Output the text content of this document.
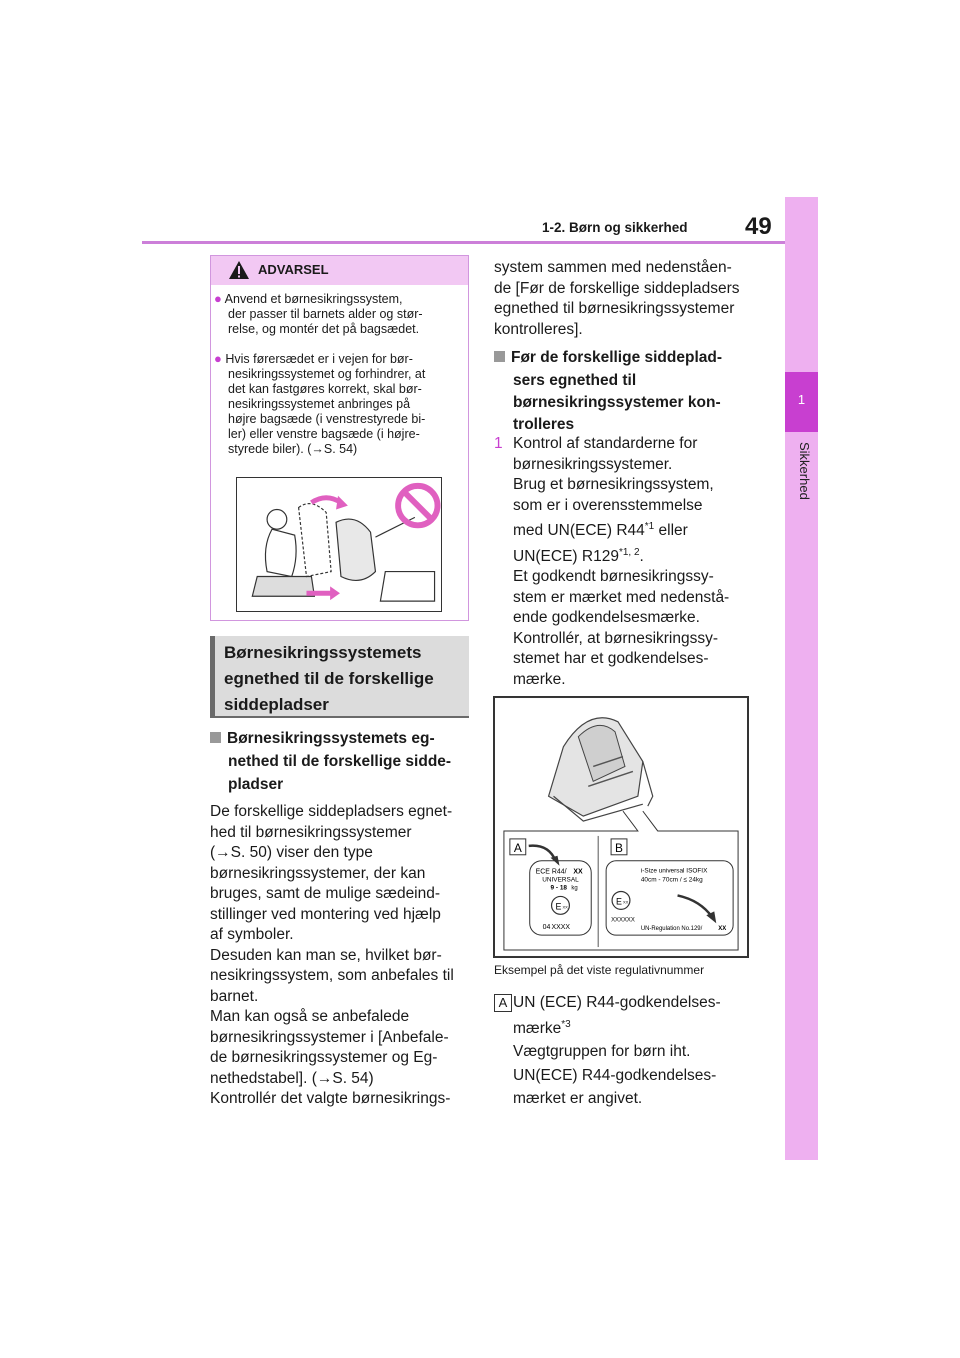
49
1-2. Børn og sikkerhed
1
Sikkerhed
ADVARSEL
● Anvend et børnesikringssystem,
der passer til barnets alder og stør-
relse, og montér det på bagsædet.
● Hvis førersædet er i vejen for bør-
nesikringssystemet og forhindrer, at
det kan fastgøres korrekt, skal bør-
nesikringssystemet anbringes på
højre bagsæde (i venstrestyrede bi-
ler) eller venstre bagsæde (i højre-
styrede biler). (→S. 54)
Børnesikringssystemets
egnethed til de forskellige
siddepladser
Børnesikringssystemets eg-
nethed til de forskellige sidde-
pladser
De forskellige siddepladsers egnet-
hed til børnesikringssystemer
(→S. 50) viser den type
børnesikringssystemer, der kan
bruges, samt de mulige sædeind-
stillinger ved montering ved hjælp
af symboler.
Desuden kan man se, hvilket bør-
nesikringssystem, som anbefales til
barnet.
Man kan også se anbefalede
børnesikringssystemer i [Anbefale-
de børnesikringssystemer og Eg-
nethedstabel]. (→S. 54)
Kontrollér det valgte børnesikrings-
system sammen med nedenståen-
de [Før de forskellige siddepladsers
egnethed til børnesikringssystemer
kontrolleres].
Før de forskellige siddeplad-
sers egnethed til
børnesikringssystemer kon-
trolleres
1 Kontrol af standarderne for
børnesikringssystemer.
Brug et børnesikringssystem,
som er i overensstemmelse

med UN(ECE) R44$^{*1}$ eller
UN(ECE) R129$^{*1, 2}$.
Et godkendt børnesikringssy-
stem er mærket med nedenstå-
ende godkendelsesmærke.
Kontrollér, at børnesikringssy-
stemet har et godkendelses-
mærke.
A	B
ECE R44/ XX
UNIVERSAL
9 - 18 kg
E XX
04 XXXX
i-Size universal ISOFIX
40cm - 70cm / ≤ 24kg
E XX
XXXXXX
UN-Regulation No.129/	XX
Eksempel på det viste regulativnummer
A UN (ECE) R44-godkendelses-

mærke$^{*3}$
Vægtgruppen for børn iht.
UN(ECE) R44-godkendelses-
mærket er angivet.
